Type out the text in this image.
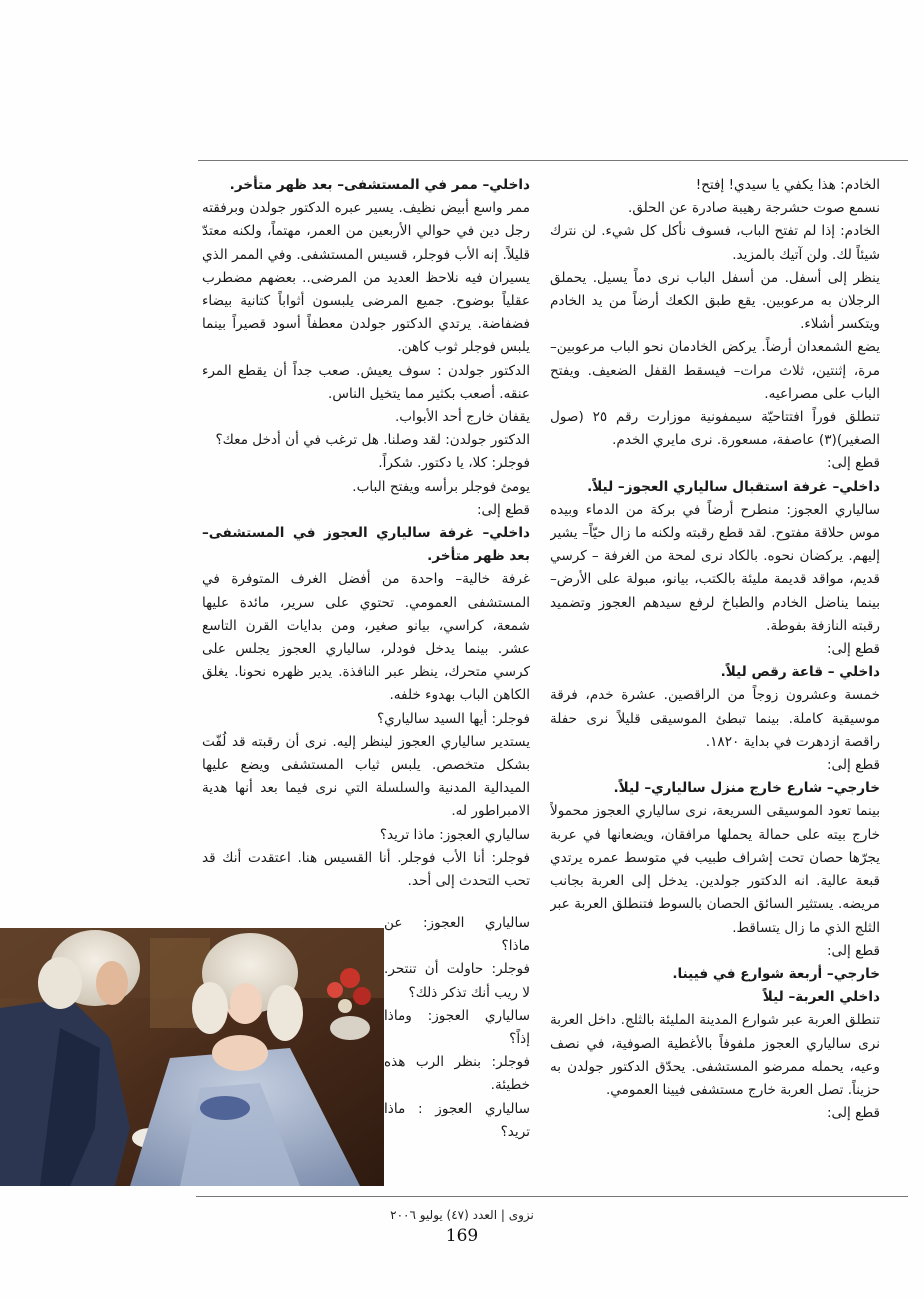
الخادم: هذا يكفي يا سيدي! إفتح!

نسمع صوت حشرجة رهيبة صادرة عن الحلق.

الخادم: إذا لم تفتح الباب، فسوف نأكل كل شيء. لن نترك شيئاً لك. ولن آتيك بالمزيد.

ينظر إلى أسفل. من أسفل الباب نرى دماً يسيل. يحملق الرجلان به مرعوبين. يقع طبق الكعك أرضاً من يد الخادم ويتكسر أشلاء.

يضع الشمعدان أرضاً. يركض الخادمان نحو الباب مرعوبين– مرة، إثنتين، ثلاث مرات– فيسقط القفل الضعيف. ويفتح الباب على مصراعيه.

تنطلق فوراً افتتاحيّة سيمفونية موزارت رقم ٢٥ (صول الصغير)(٣) عاصفة، مسعورة. نرى مايري الخدم.

قطع إلى:

داخلي– غرفة استقبال سالياري العجوز– ليلاً.

سالياري العجوز: منطرح أرضاً في بركة من الدماء وبيده موس حلاقة مفتوح. لقد قطع رقبته ولكنه ما زال حيّاً– يشير إليهم. يركضان نحوه. بالكاد نرى لمحة من الغرفة – كرسي قديم، مواقد قديمة مليئة بالكتب، بيانو، مبولة على الأرض– بينما يناضل الخادم والطباخ لرفع سيدهم العجوز وتضميد رقبته النازفة بفوطة.

قطع إلى:

داخلي – قاعة رقص ليلاً.

خمسة وعشرون زوجاً من الراقصين. عشرة خدم، فرقة موسيقية كاملة. بينما تبطئ الموسيقى قليلاً نرى حفلة راقصة ازدهرت في بداية ١٨٢٠.

قطع إلى:

خارجي– شارع خارج منزل سالياري– ليلاً.

بينما تعود الموسيقى السريعة، نرى سالياري العجوز محمولاً خارج بيته على حمالة يحملها مرافقان، ويضعانها في عربة يجرّها حصان تحت إشراف طبيب في متوسط عمره يرتدي قبعة عالية. انه الدكتور جولدين. يدخل إلى العربة بجانب مريضه. يستثير السائق الحصان بالسوط فتنطلق العربة عبر الثلج الذي ما زال يتساقط.

قطع إلى:

خارجي– أربعة شوارع في فيينا.

داخلي العربة– ليلاً

تنطلق العربة عبر شوارع المدينة المليئة بالثلج. داخل العربة نرى سالياري العجوز ملفوفاً بالأغطية الصوفية، في نصف وعيه، يحمله ممرضو المستشفى. يحدّق الدكتور جولدن به حزيناً. تصل العربة خارج مستشفى فيينا العمومي.

قطع إلى:

داخلي– ممر في المستشفى– بعد ظهر متأخر.

ممر واسع أبيض نظيف. يسير عبره الدكتور جولدن وبرفقته رجل دين في حوالي الأربعين من العمر، مهتماً، ولكنه معتدّ قليلاً. إنه الأب فوجلر، قسيس المستشفى. وفي الممر الذي يسيران فيه نلاحظ العديد من المرضى.. بعضهم مضطرب عقلياً بوضوح. جميع المرضى يلبسون أثواباً كتانية بيضاء فضفاضة. يرتدي الدكتور جولدن معطفاً أسود قصيراً بينما يلبس فوجلر ثوب كاهن.

الدكتور جولدن : سوف يعيش. صعب جداً أن يقطع المرء عنقه. أصعب بكثير مما يتخيل الناس.

يقفان خارج أحد الأبواب.

الدكتور جولدن: لقد وصلنا. هل ترغب في أن أدخل معك؟

فوجلر: كلا، يا دكتور. شكراً.

يومئ فوجلر برأسه ويفتح الباب.

قطع إلى:

داخلي– غرفة سالياري العجوز في المستشفى– بعد ظهر متأخر.

غرفة خالية– واحدة من أفضل الغرف المتوفرة في المستشفى العمومي. تحتوي على سرير، مائدة عليها شمعة، كراسي، بيانو صغير، ومن بدايات القرن التاسع عشر. بينما يدخل فودلر، سالياري العجوز يجلس على كرسي متحرك، ينظر عبر النافذة. يدير ظهره نحونا. يغلق الكاهن الباب بهدوء خلفه.

فوجلر: أيها السيد سالياري؟

يستدير سالياري العجوز لينظر إليه. نرى أن رقبته قد لُفّت بشكل متخصص. يلبس ثياب المستشفى ويضع عليها الميدالية المدنية والسلسلة التي نرى فيما بعد أنها هدية الامبراطور له.

سالياري العجوز: ماذا تريد؟

فوجلر: أنا الأب فوجلر. أنا القسيس هنا. اعتقدت أنك قد تحب التحدث إلى أحد.

سالياري العجوز: عن ماذا؟

فوجلر: حاولت أن تنتحر. لا ريب أنك تذكر ذلك؟

سالياري العجوز: وماذا إذاً؟

فوجلر: بنظر الرب هذه خطيئة.

سالياري العجوز : ماذا تريد؟

نزوى | العدد (٤٧) يوليو ٢٠٠٦
169
